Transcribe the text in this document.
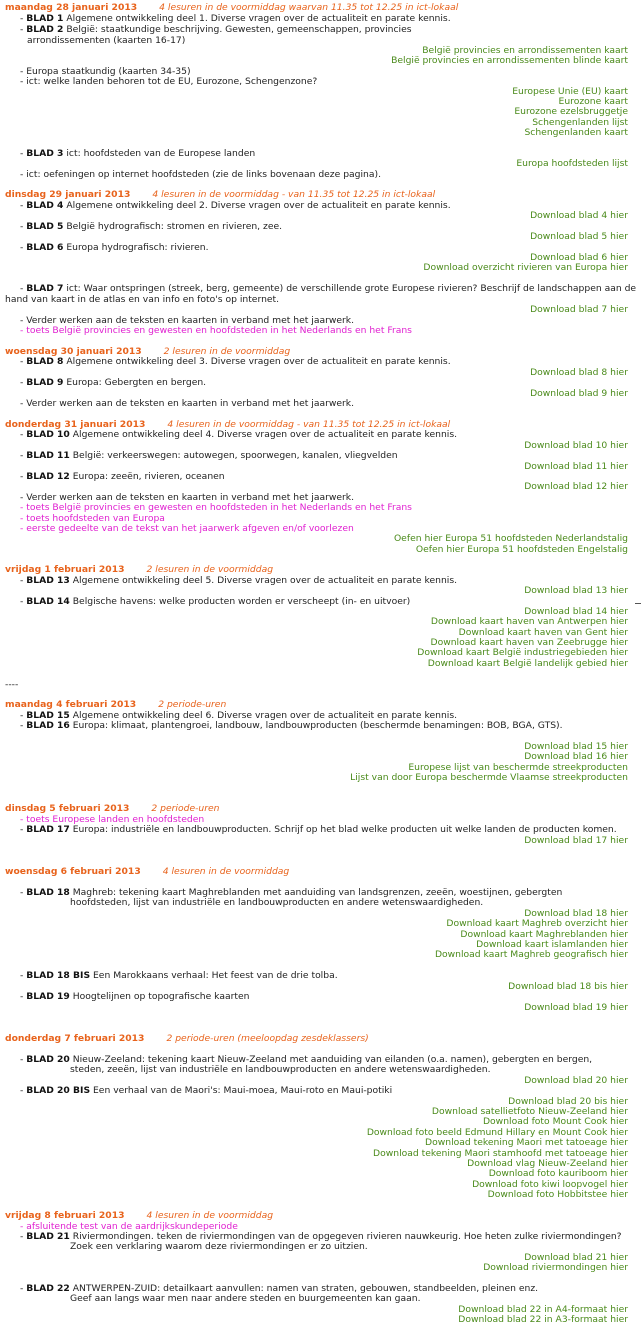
maandag 28 januari 2013 4 lesuren in de voormiddag waarvan 11.35 tot 12.25 in ict-lokaal
- BLAD 1 Algemene ontwikkeling deel 1. Diverse vragen over de actualiteit en parate kennis.
- BLAD 2 België: staatkundige beschrijving. Gewesten, gemeenschappen, provincies
arrondissementen (kaarten 16-17)
België provincies en arrondissementen kaart
België provincies en arrondissementen blinde kaart
- Europa staatkundig (kaarten 34-35)
- ict: welke landen behoren tot de EU, Eurozone, Schengenzone?
Europese Unie (EU) kaart
Eurozone kaart
Eurozone ezelsbruggetje
Schengenlanden lijst
Schengenlanden kaart
- BLAD 3 ict: hoofdsteden van de Europese landen
Europa hoofdsteden lijst
- ict: oefeningen op internet hoofdsteden (zie de links bovenaan deze pagina).
dinsdag 29 januari 2013 4 lesuren in de voormiddag - van 11.35 tot 12.25 in ict-lokaal
- BLAD 4 Algemene ontwikkeling deel 2. Diverse vragen over de actualiteit en parate kennis.
Download blad 4 hier
- BLAD 5 België hydrografisch: stromen en rivieren, zee.
Download blad 5 hier
- BLAD 6 Europa hydrografisch: rivieren.
Download blad 6 hier
Download overzicht rivieren van Europa hier
- BLAD 7 ict: Waar ontspringen (streek, berg, gemeente) de verschillende grote Europese rivieren? Beschrijf de landschappen aan de
hand van kaart in de atlas en van info en foto's op internet.
Download blad 7 hier
- Verder werken aan de teksten en kaarten in verband met het jaarwerk.
- toets België provincies en gewesten en hoofdsteden in het Nederlands en het Frans
woensdag 30 januari 2013 2 lesuren in de voormiddag
- BLAD 8 Algemene ontwikkeling deel 3. Diverse vragen over de actualiteit en parate kennis.
Download blad 8 hier
- BLAD 9 Europa: Gebergten en bergen.
Download blad 9 hier
- Verder werken aan de teksten en kaarten in verband met het jaarwerk.
donderdag 31 januari 2013 4 lesuren in de voormiddag - van 11.35 tot 12.25 in ict-lokaal
- BLAD 10 Algemene ontwikkeling deel 4. Diverse vragen over de actualiteit en parate kennis.
Download blad 10 hier
- BLAD 11 België: verkeerswegen: autowegen, spoorwegen, kanalen, vliegvelden
Download blad 11 hier
- BLAD 12 Europa: zeeën, rivieren, oceanen
Download blad 12 hier
- Verder werken aan de teksten en kaarten in verband met het jaarwerk.
- toets België provincies en gewesten en hoofdsteden in het Nederlands en het Frans
- toets hoofdsteden van Europa
- eerste gedeelte van de tekst van het jaarwerk afgeven en/of voorlezen
Oefen hier Europa 51 hoofdsteden Nederlandstalig
Oefen hier Europa 51 hoofdsteden Engelstalig
vrijdag 1 februari 2013 2 lesuren in de voormiddag
- BLAD 13 Algemene ontwikkeling deel 5. Diverse vragen over de actualiteit en parate kennis.
Download blad 13 hier
- BLAD 14 Belgische havens: welke producten worden er verscheept (in- en uitvoer)
Download blad 14 hier
Download kaart haven van Antwerpen hier
Download kaart haven van Gent hier
Download kaart haven van Zeebrugge hier
Download kaart België industriegebieden hier
Download kaart België landelijk gebied hier
----
maandag 4 februari 2013 2 periode-uren
- BLAD 15 Algemene ontwikkeling deel 6. Diverse vragen over de actualiteit en parate kennis.
- BLAD 16 Europa: klimaat, plantengroei, landbouw, landbouwproducten (beschermde benamingen: BOB, BGA, GTS).
Download blad 15 hier
Download blad 16 hier
Europese lijst van beschermde streekproducten
Lijst van door Europa beschermde Vlaamse streekproducten
dinsdag 5 februari 2013 2 periode-uren
- toets Europese landen en hoofdsteden
- BLAD 17 Europa: industriële en landbouwproducten. Schrijf op het blad welke producten uit welke landen de producten komen.
Download blad 17 hier
woensdag 6 februari 2013 4 lesuren in de voormiddag
- BLAD 18 Maghreb: tekening kaart Maghreblanden met aanduiding van landsgrenzen, zeeën, woestijnen, gebergten
hoofdsteden, lijst van industriële en landbouwproducten en andere wetenswaardigheden.
Download blad 18 hier
Download kaart Maghreb overzicht hier
Download kaart Maghreblanden hier
Download kaart islamlanden hier
Download kaart Maghreb geografisch hier
- BLAD 18 BIS Een Marokkaans verhaal: Het feest van de drie tolba.
Download blad 18 bis hier
- BLAD 19 Hoogtelijnen op topografische kaarten
Download blad 19 hier
donderdag 7 februari 2013 2 periode-uren (meeloopdag zesdeklassers)
- BLAD 20 Nieuw-Zeeland: tekening kaart Nieuw-Zeeland met aanduiding van eilanden (o.a. namen), gebergten en bergen,
steden, zeeën, lijst van industriële en landbouwproducten en andere wetenswaardigheden.
Download blad 20 hier
- BLAD 20 BIS Een verhaal van de Maori's: Maui-moea, Maui-roto en Maui-potiki
Download blad 20 bis hier
Download satellietfoto Nieuw-Zeeland hier
Download foto Mount Cook hier
Download foto beeld Edmund Hillary en Mount Cook hier
Download tekening Maori met tatoeage hier
Download tekening Maori stamhoofd met tatoeage hier
Download vlag Nieuw-Zeeland hier
Download foto kauriboom hier
Download foto kiwi loopvogel hier
Download foto Hobbitstee hier
vrijdag 8 februari 2013 4 lesuren in de voormiddag
- afsluitende test van de aardrijkskundeperiode
- BLAD 21 Riviermondingen. teken de riviermondingen van de opgegeven rivieren nauwkeurig. Hoe heten zulke riviermondingen?
Zoek een verklaring waarom deze riviermondingen er zo uitzien.
Download blad 21 hier
Download riviermondingen hier
- BLAD 22 ANTWERPEN-ZUID: detailkaart aanvullen: namen van straten, gebouwen, standbeelden, pleinen enz.
Geef aan langs waar men naar andere steden en buurgemeenten kan gaan.
Download blad 22 in A4-formaat hier
Download blad 22 in A3-formaat hier
